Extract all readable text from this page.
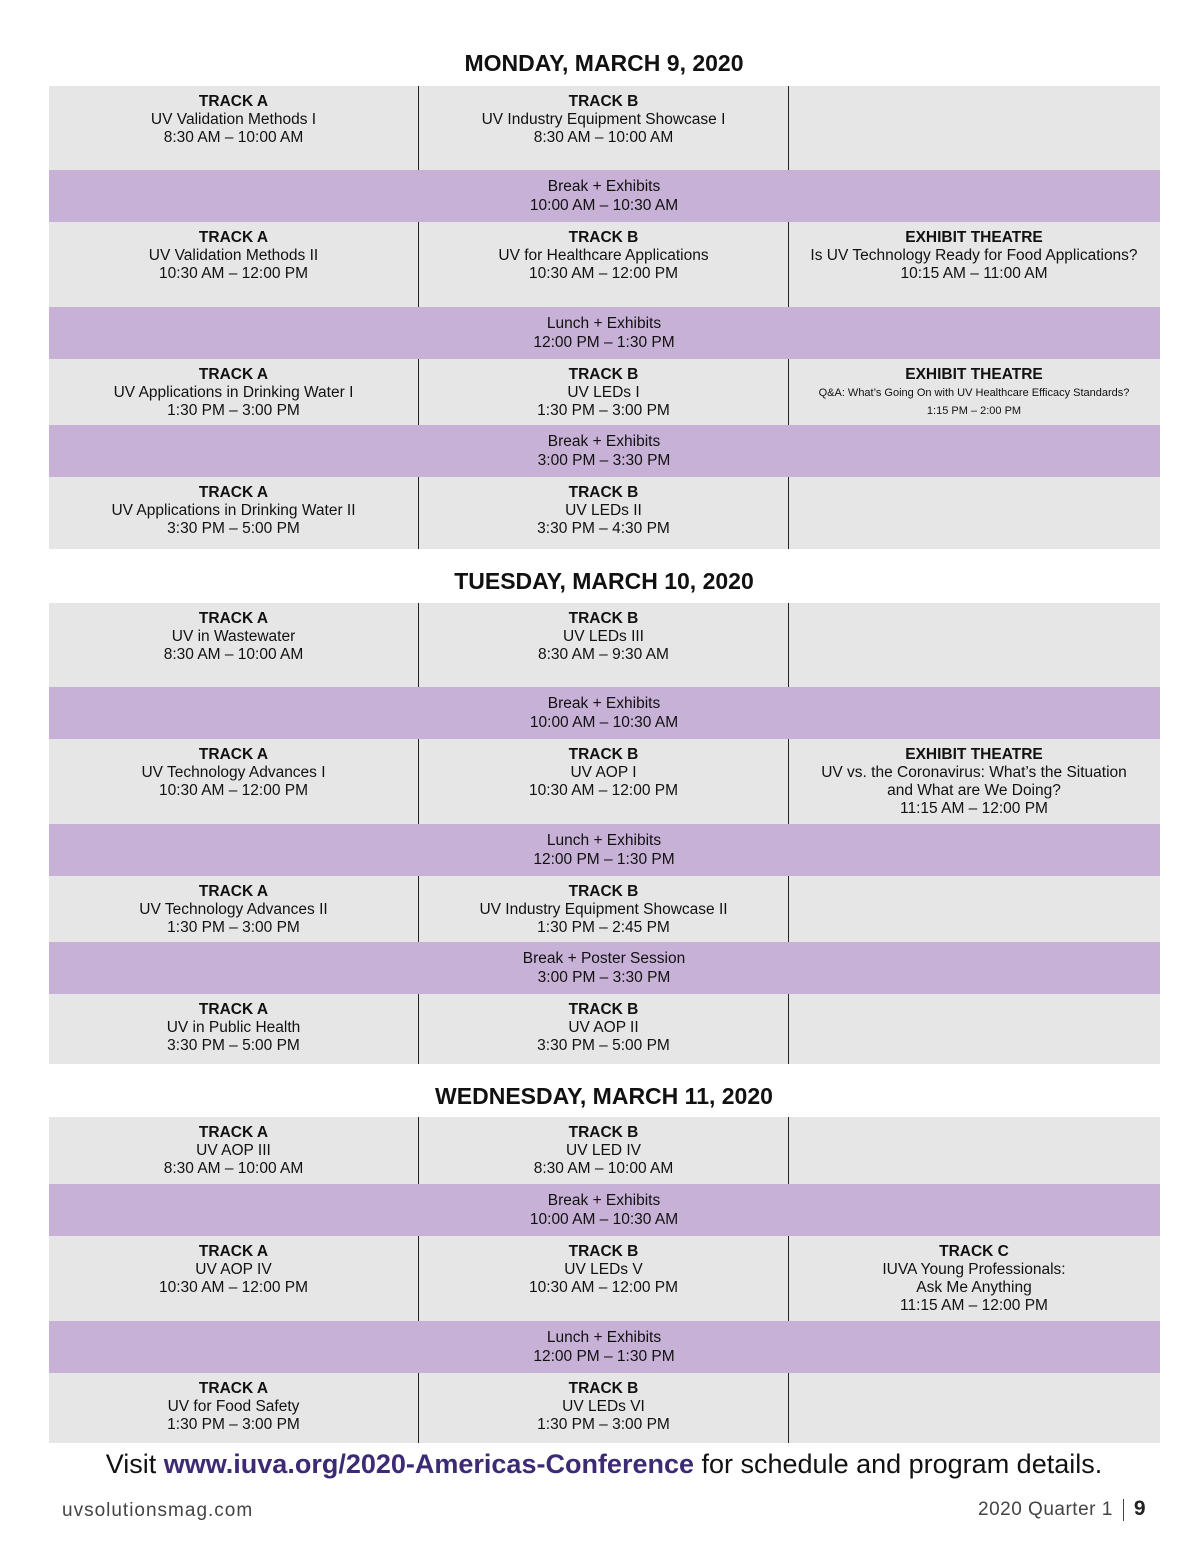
MONDAY, MARCH 9, 2020
TUESDAY, MARCH 10, 2020
WEDNESDAY, MARCH 11, 2020
TRACK A
UV Validation Methods I
8:30 AM – 10:00 AM
TRACK B
UV Industry Equipment Showcase I
8:30 AM – 10:00 AM
Break + Exhibits
10:00 AM – 10:30 AM
TRACK A
UV Validation Methods II
10:30 AM – 12:00 PM
TRACK B
UV for Healthcare Applications
10:30 AM – 12:00 PM
EXHIBIT THEATRE
Is UV Technology Ready for Food Applications?
10:15 AM – 11:00 AM
Lunch + Exhibits
12:00 PM – 1:30 PM
TRACK A
UV Applications in Drinking Water I
1:30 PM – 3:00 PM
TRACK B
UV LEDs I
1:30 PM – 3:00 PM
EXHIBIT THEATRE
Q&A: What’s Going On with UV Healthcare Efficacy Standards?
1:15 PM – 2:00 PM
Break + Exhibits
3:00 PM – 3:30 PM
TRACK A
UV Applications in Drinking Water II
3:30 PM – 5:00 PM
TRACK B
UV LEDs II
3:30 PM – 4:30 PM
TRACK A
UV in Wastewater
8:30 AM – 10:00 AM
TRACK B
UV LEDs III
8:30 AM – 9:30 AM
Break + Exhibits
10:00 AM – 10:30 AM
TRACK A
UV Technology Advances I
10:30 AM – 12:00 PM
TRACK B
UV AOP I
10:30 AM – 12:00 PM
EXHIBIT THEATRE
UV vs. the Coronavirus: What’s the Situation
and What are We Doing?
11:15 AM – 12:00 PM
Lunch + Exhibits
12:00 PM – 1:30 PM
TRACK A
UV Technology Advances II
1:30 PM – 3:00 PM
TRACK B
UV Industry Equipment Showcase II
1:30 PM – 2:45 PM
Break + Poster Session
3:00 PM – 3:30 PM
TRACK A
UV in Public Health
3:30 PM – 5:00 PM
TRACK B
UV AOP II
3:30 PM – 5:00 PM
TRACK A
UV AOP III
8:30 AM – 10:00 AM
TRACK B
UV LED IV
8:30 AM – 10:00 AM
Break + Exhibits
10:00 AM – 10:30 AM
TRACK A
UV AOP IV
10:30 AM – 12:00 PM
TRACK B
UV LEDs V
10:30 AM – 12:00 PM
TRACK C
IUVA Young Professionals:
Ask Me Anything
11:15 AM – 12:00 PM
Lunch + Exhibits
12:00 PM – 1:30 PM
TRACK A
UV for Food Safety
1:30 PM – 3:00 PM
TRACK B
UV LEDs VI
1:30 PM – 3:00 PM
Visit www.iuva.org/2020-Americas-Conference for schedule and program details.
uvsolutionsmag.com	2020 Quarter 1 9
